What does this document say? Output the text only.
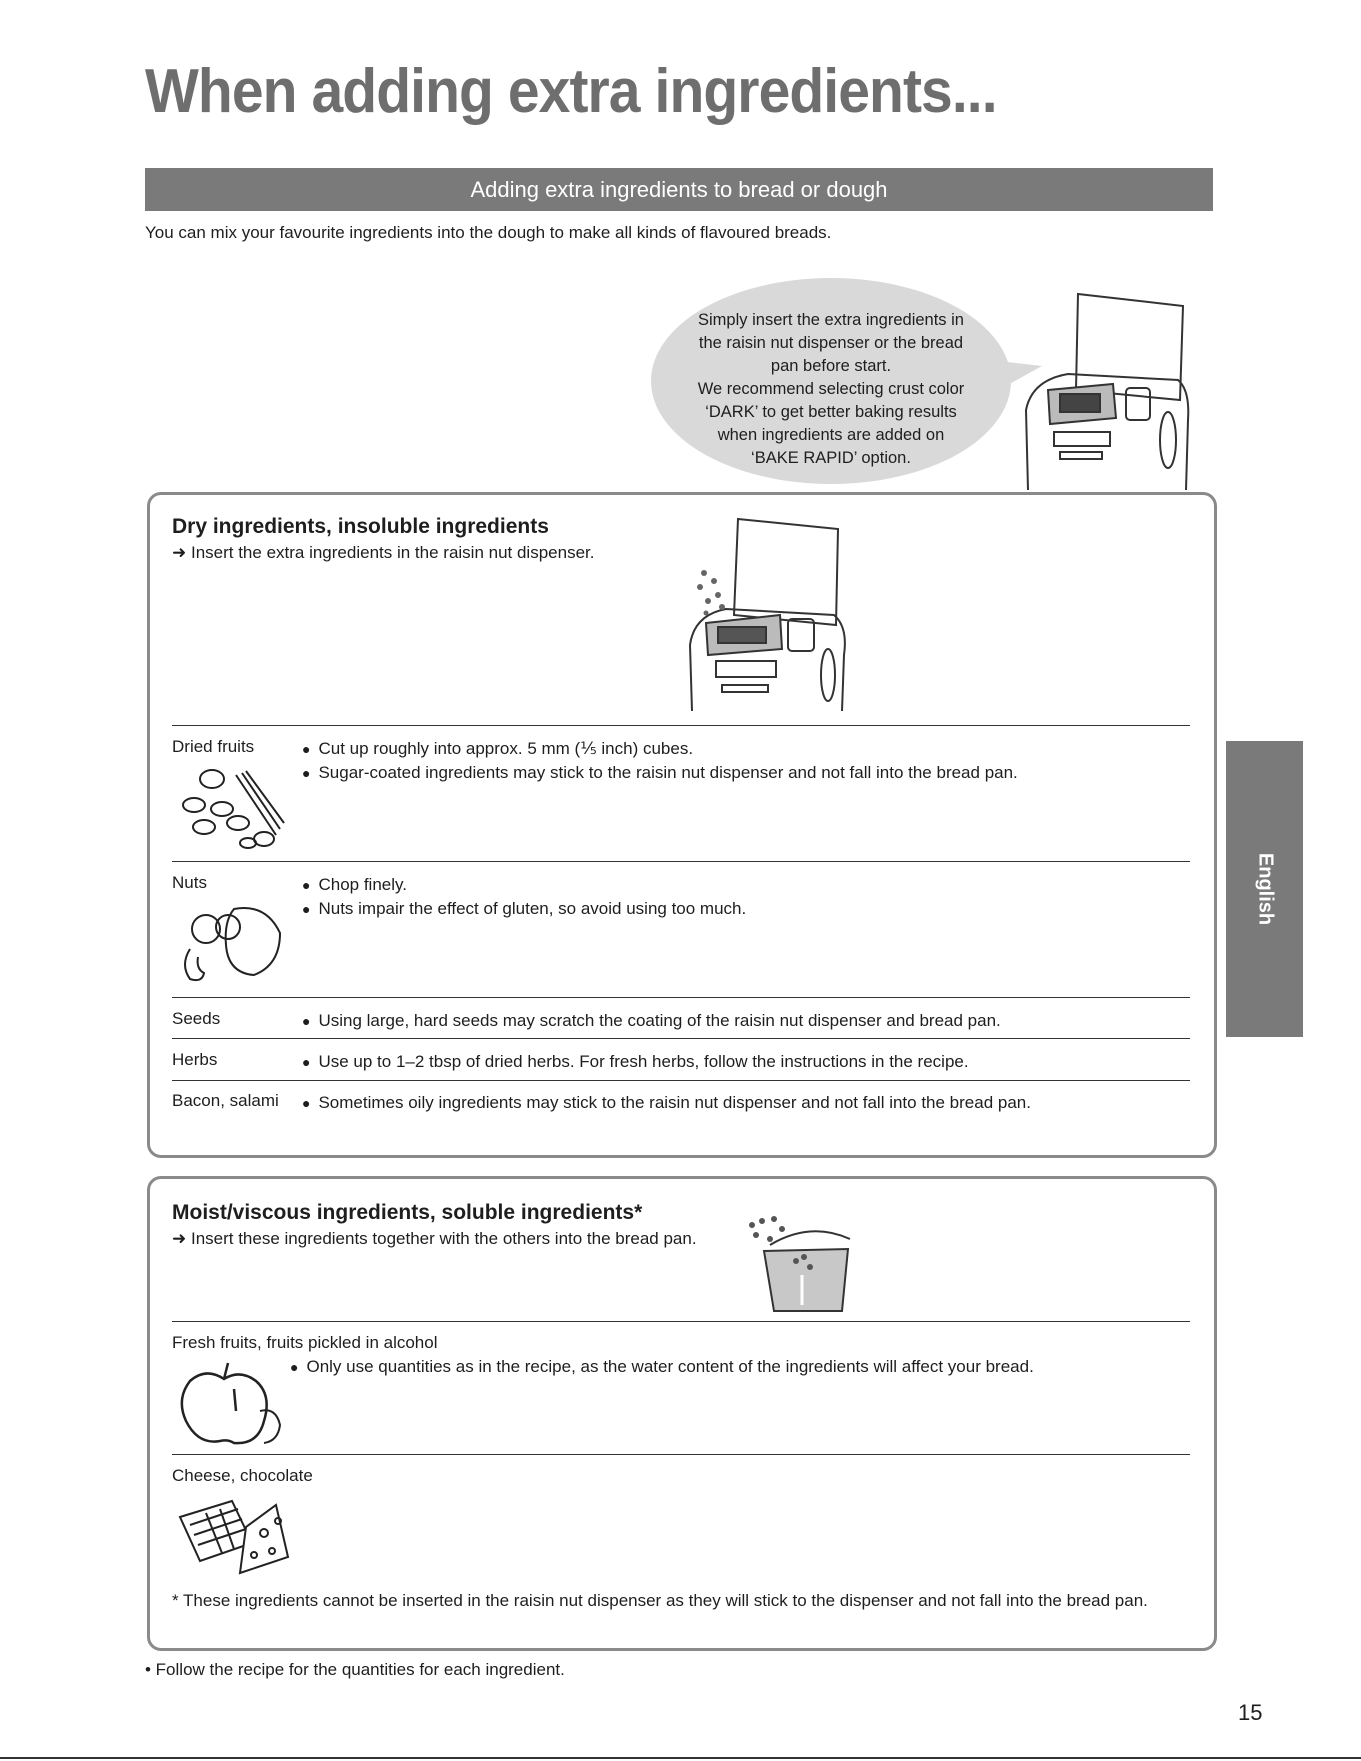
When adding extra ingredients...
Adding extra ingredients to bread or dough
You can mix your favourite ingredients into the dough to make all kinds of flavoured breads.
Simply insert the extra ingredients in
the raisin nut dispenser or the bread
pan before start.
We recommend selecting crust color
‘DARK’ to get better baking results
when ingredients are added on
‘BAKE RAPID’ option.
Dry ingredients, insoluble ingredients
➜ Insert the extra ingredients in the raisin nut dispenser.
Dried fruits	● Cut up roughly into approx. 5 mm (⅕ inch) cubes.
● Sugar-coated ingredients may stick to the raisin nut dispenser and not fall into the bread pan.
Nuts	● Chop finely.
● Nuts impair the effect of gluten, so avoid using too much.
Seeds	● Using large, hard seeds may scratch the coating of the raisin nut dispenser and bread pan.
Herbs	● Use up to 1–2 tbsp of dried herbs. For fresh herbs, follow the instructions in the recipe.
Bacon, salami ● Sometimes oily ingredients may stick to the raisin nut dispenser and not fall into the bread pan.
Moist/viscous ingredients, soluble ingredients*
➜ Insert these ingredients together with the others into the bread pan.
Fresh fruits, fruits pickled in alcohol
● Only use quantities as in the recipe, as the water content of the ingredients will affect your bread.
Cheese, chocolate
* These ingredients cannot be inserted in the raisin nut dispenser as they will stick to the dispenser and not fall into the bread pan.
• Follow the recipe for the quantities for each ingredient.
English
15
